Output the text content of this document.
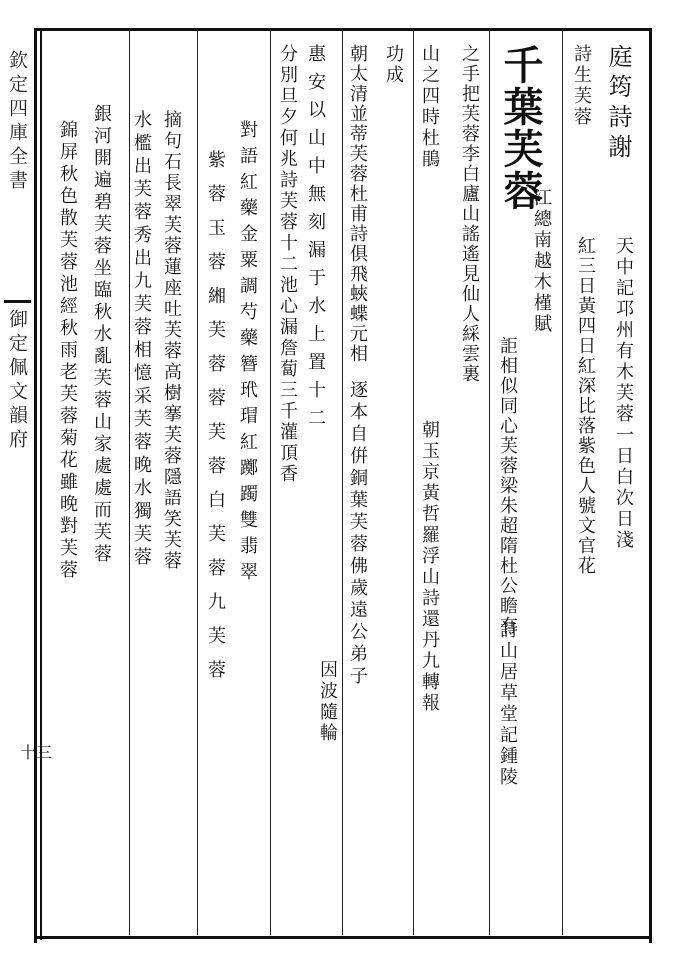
欽定四庫全書
御定佩文韻府
十三
庭筠詩謝
詩生芙蓉
天中記邛州有木芙蓉一日白次日淺
紅三日黃四日紅深比落紫色人號文官花
江總南越木槿賦
詎相似同心芙蓉梁朱超隋杜公瞻有
千葉芙蓉
之手把芙蓉李白廬山謠遙見仙人綵雲裏
詩山居草堂記鍾陵
山之四時杜鵑
朝玉京黃哲羅浮山詩還丹九轉報
功成
朝太清並蒂芙蓉杜甫詩俱飛蛺蝶元相
逐本自倂銅葉芙蓉佛歲遠公弟子
惠安以山中無刻漏于水上置十二
分別旦夕何兆詩芙蓉十二池心漏詹蔔三千灌頂香
因波隨輪
對語紅藥金粟調芍藥簪玳瑁紅躑躅雙翡翠
紫蓉玉蓉緗芙蓉蓉芙蓉白芙蓉九芙蓉
摘句石長翠芙蓉蓮座吐芙蓉高樹搴芙蓉隱語笑芙蓉
水檻出芙蓉秀出九芙蓉相憶采芙蓉晚水獨芙蓉
銀河開遍碧芙蓉坐臨秋水亂芙蓉山家處處而芙蓉
錦屏秋色散芙蓉池經秋雨老芙蓉菊花雖晚對芙蓉
